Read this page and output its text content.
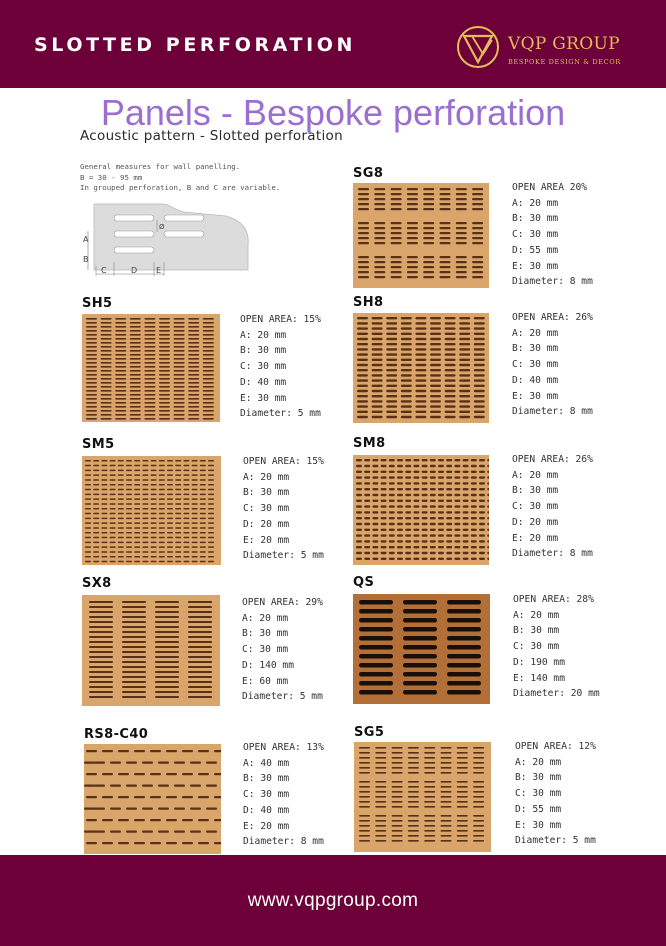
SLOTTED PERFORATION	VQP GROUP
BESPOKE DESIGN & DECOR
Panels - Bespoke perforation
Acoustic pattern - Slotted perforation
General measures for wall panelling.
B = 30 - 95 mm
In grouped perforation, B and C are variable.
A
B
C	D E
Ø
SG8
OPEN AREA 20%
A: 20 mm
B: 30 mm
C: 30 mm
D: 55 mm
E: 30 mm
Diameter: 8 mm
SH5
OPEN AREA: 15%
A: 20 mm
B: 30 mm
C: 30 mm
D: 40 mm
E: 30 mm
Diameter: 5 mm
SH8
OPEN AREA: 26%
A: 20 mm
B: 30 mm
C: 30 mm
D: 40 mm
E: 30 mm
Diameter: 8 mm
SM5
OPEN AREA: 15%
A: 20 mm
B: 30 mm
C: 30 mm
D: 20 mm
E: 20 mm
Diameter: 5 mm
SM8
OPEN AREA: 26%
A: 20 mm
B: 30 mm
C: 30 mm
D: 20 mm
E: 20 mm
Diameter: 8 mm
SX8
OPEN AREA: 29%
A: 20 mm
B: 30 mm
C: 30 mm
D: 140 mm
E: 60 mm
Diameter: 5 mm
QS
OPEN AREA: 28%
A: 20 mm
B: 30 mm
C: 30 mm
D: 190 mm
E: 140 mm
Diameter: 20 mm
RS8-C40
OPEN AREA: 13%
A: 40 mm
B: 30 mm
C: 30 mm
D: 40 mm
E: 20 mm
Diameter: 8 mm
SG5
OPEN AREA: 12%
A: 20 mm
B: 30 mm
C: 30 mm
D: 55 mm
E: 30 mm
Diameter: 5 mm
www.vqpgroup.com
